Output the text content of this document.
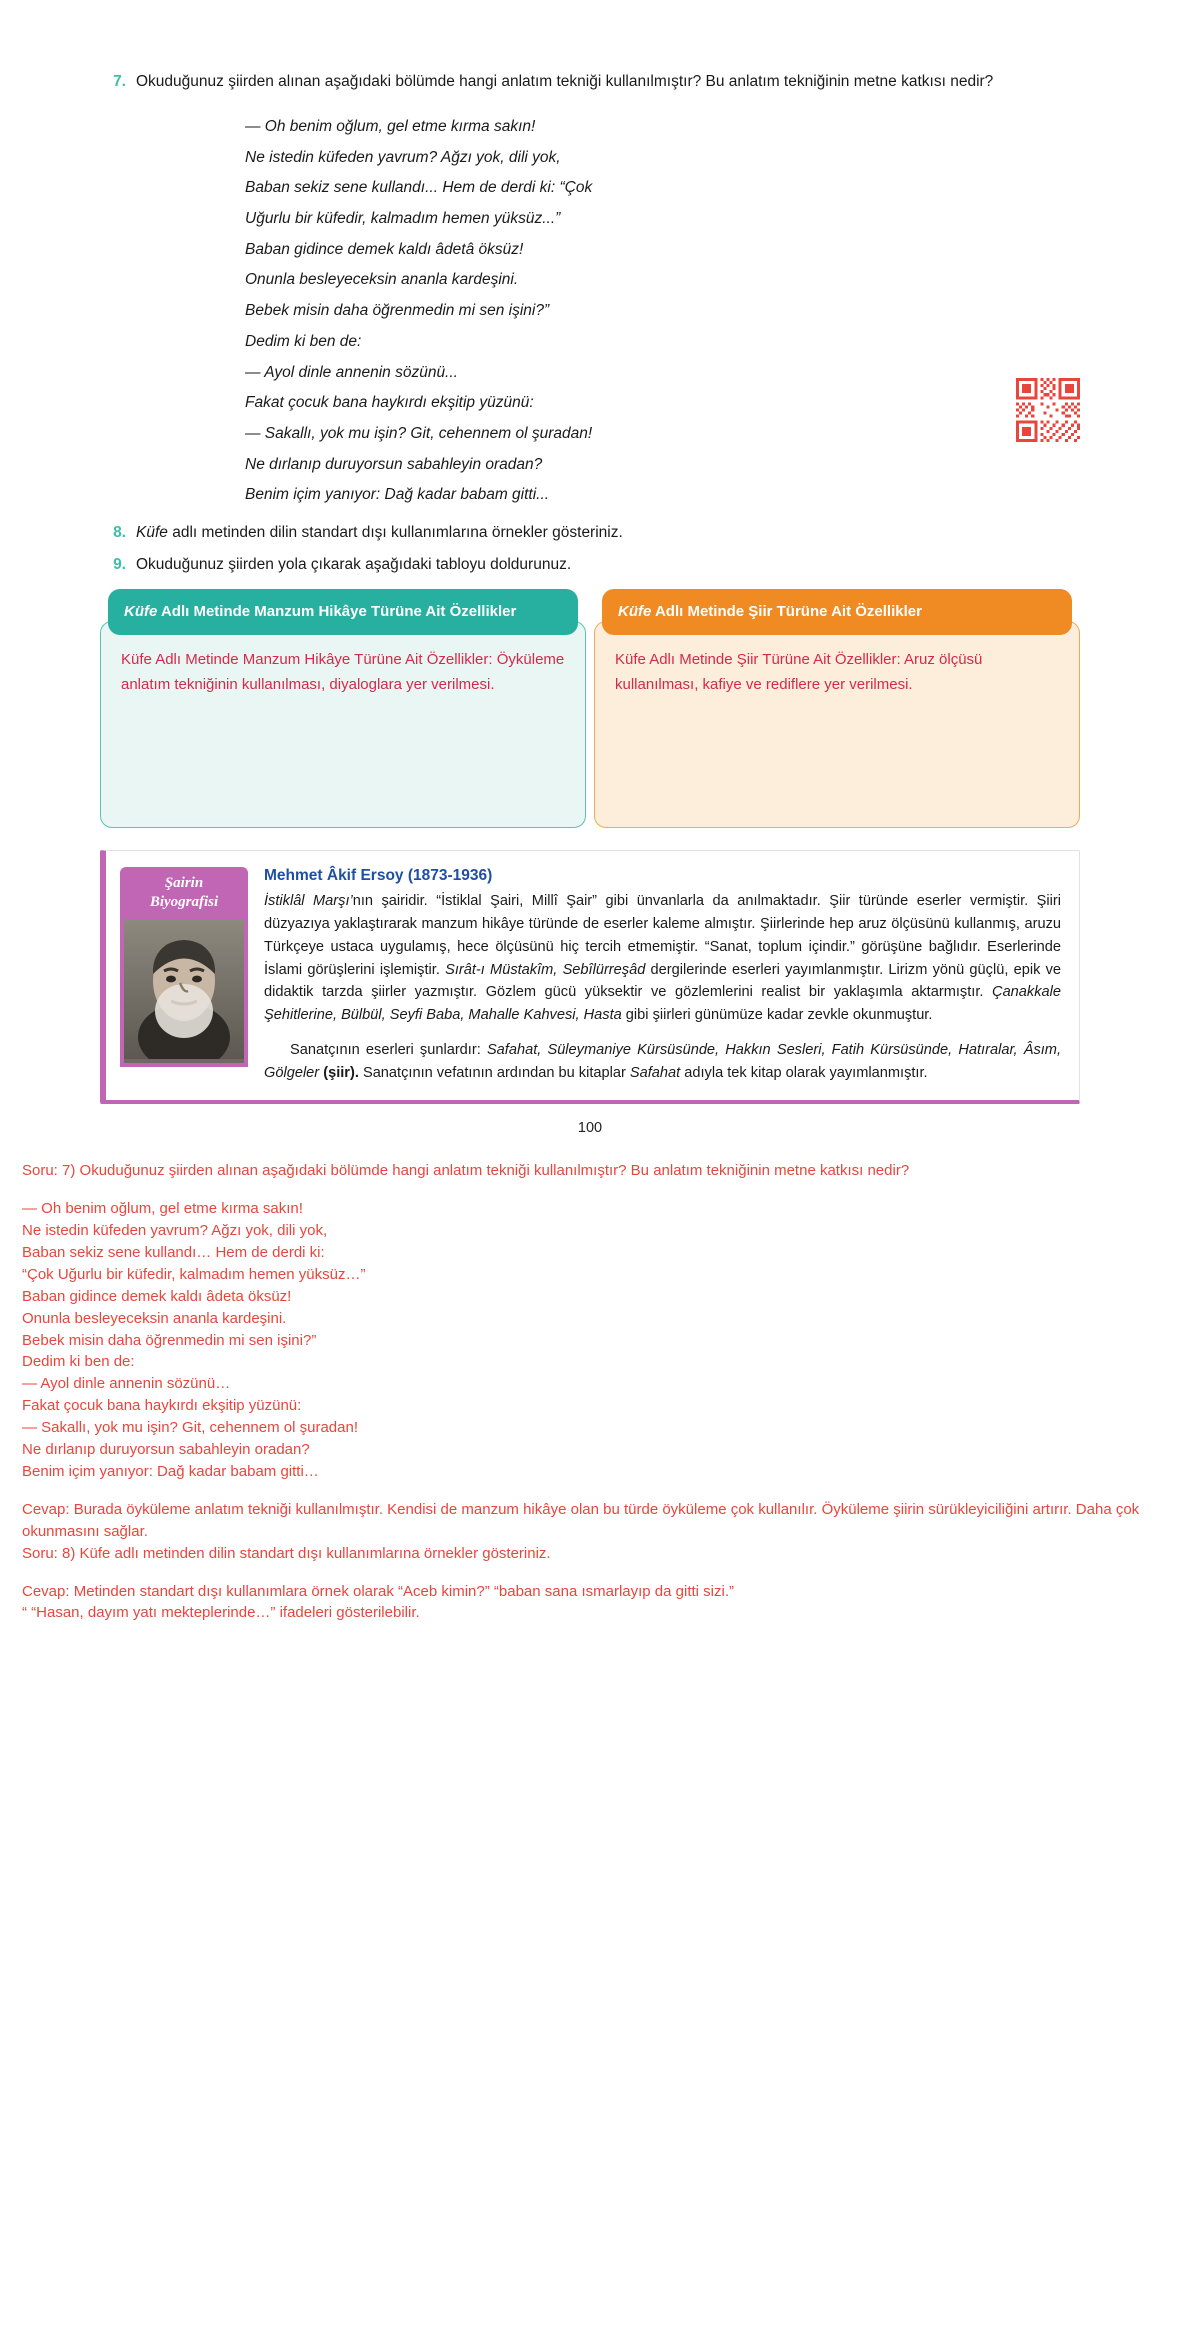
7. Okuduğunuz şiirden alınan aşağıdaki bölümde hangi anlatım tekniği kullanılmıştır? Bu anlatım tekniğinin metne katkısı nedir?
— Oh benim oğlum, gel etme kırma sakın!
Ne istedin küfeden yavrum? Ağzı yok, dili yok,
Baban sekiz sene kullandı... Hem de derdi ki: “Çok
Uğurlu bir küfedir, kalmadım hemen yüksüz...”
Baban gidince demek kaldı âdetâ öksüz!
Onunla besleyeceksin ananla kardeşini.
Bebek misin daha öğrenmedin mi sen işini?”
Dedim ki ben de:
— Ayol dinle annenin sözünü...
Fakat çocuk bana haykırdı ekşitip yüzünü:
— Sakallı, yok mu işin? Git, cehennem ol şuradan!
Ne dırlanıp duruyorsun sabahleyin oradan?
Benim içim yanıyor: Dağ kadar babam gitti...
8. Küfe adlı metinden dilin standart dışı kullanımlarına örnekler gösteriniz.
9. Okuduğunuz şiirden yola çıkarak aşağıdaki tabloyu doldurunuz.
Küfe Adlı Metinde Manzum Hikâye Türüne Ait Özellikler
Küfe Adlı Metinde Manzum Hikâye Türüne Ait Özellikler: Öyküleme anlatım tekniğinin kullanılması, diyaloglara yer verilmesi.
Küfe Adlı Metinde Şiir Türüne Ait Özellikler
Küfe Adlı Metinde Şiir Türüne Ait Özellikler: Aruz ölçüsü kullanılması, kafiye ve rediflere yer verilmesi.
Şairin
Biyografisi
Mehmet Âkif Ersoy (1873-1936)

İstiklâl Marşı’nın şairidir. “İstiklal Şairi, Millî Şair” gibi ünvanlarla da anılmaktadır. Şiir türünde eserler vermiştir. Şiiri düzyazıya yaklaştırarak manzum hikâye türünde de eserler kaleme almıştır. Şiirlerinde hep aruz ölçüsünü kullanmış, aruzu Türkçeye ustaca uygulamış, hece ölçüsünü hiç tercih etmemiştir. “Sanat, toplum içindir.” görüşüne bağlıdır. Eserlerinde İslami görüşlerini işlemiştir. Sırât-ı Müstakîm, Sebîlürreşâd dergilerinde eserleri yayımlanmıştır. Lirizm yönü güçlü, epik ve didaktik tarzda şiirler yazmıştır. Gözlem gücü yüksektir ve gözlemlerini realist bir yaklaşımla aktarmıştır. Çanakkale Şehitlerine, Bülbül, Seyfi Baba, Mahalle Kahvesi, Hasta gibi şiirleri günümüze kadar zevkle okunmuştur.

Sanatçının eserleri şunlardır: Safahat, Süleymaniye Kürsüsünde, Hakkın Sesleri, Fatih Kürsüsünde, Hatıralar, Âsım, Gölgeler (şiir). Sanatçının vefatının ardından bu kitaplar Safahat adıyla tek kitap olarak yayımlanmıştır.

100
Soru: 7) Okuduğunuz şiirden alınan aşağıdaki bölümde hangi anlatım tekniği kullanılmıştır? Bu anlatım tekniğinin metne katkısı nedir?
— Oh benim oğlum, gel etme kırma sakın!
Ne istedin küfeden yavrum? Ağzı yok, dili yok,
Baban sekiz sene kullandı… Hem de derdi ki:
“Çok Uğurlu bir küfedir, kalmadım hemen yüksüz…”
Baban gidince demek kaldı âdeta öksüz!
Onunla besleyeceksin ananla kardeşini.
Bebek misin daha öğrenmedin mi sen işini?”
Dedim ki ben de:
— Ayol dinle annenin sözünü…
Fakat çocuk bana haykırdı ekşitip yüzünü:
— Sakallı, yok mu işin? Git, cehennem ol şuradan!
Ne dırlanıp duruyorsun sabahleyin oradan?
Benim içim yanıyor: Dağ kadar babam gitti…
Cevap: Burada öyküleme anlatım tekniği kullanılmıştır. Kendisi de manzum hikâye olan bu türde öyküleme çok kullanılır. Öyküleme şiirin sürükleyiciliğini artırır. Daha çok okunmasını sağlar.
Soru: 8) Küfe adlı metinden dilin standart dışı kullanımlarına örnekler gösteriniz.
Cevap: Metinden standart dışı kullanımlara örnek olarak “Aceb kimin?” “baban sana ısmarlayıp da gitti sizi.”
“ “Hasan, dayım yatı mekteplerinde…” ifadeleri gösterilebilir.
